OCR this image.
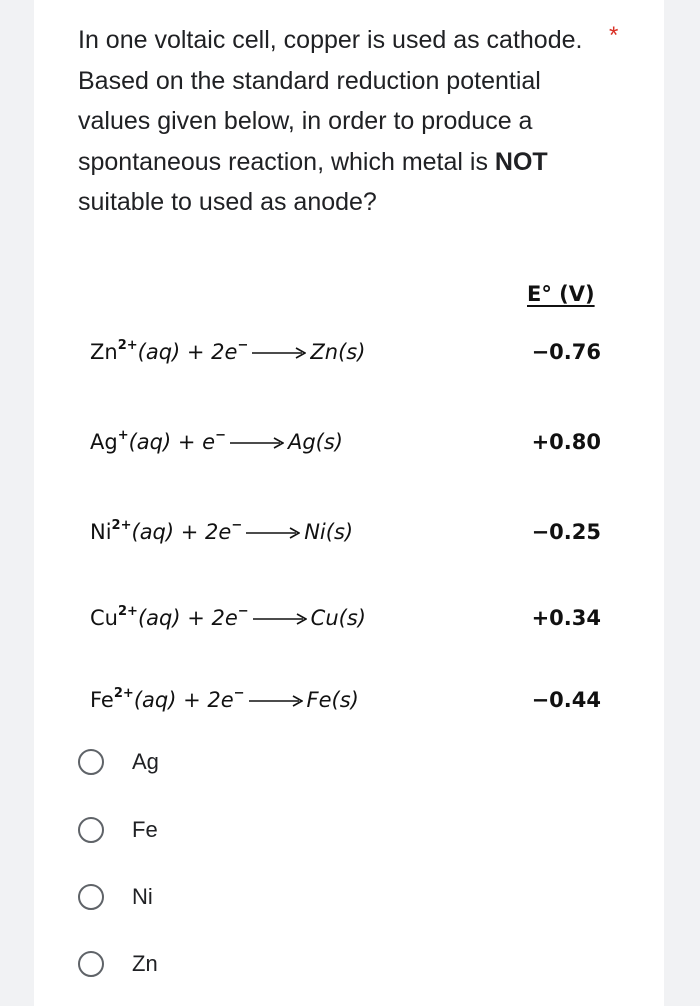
In one voltaic cell, copper is used as cathode. Based on the standard reduction potential values given below, in order to produce a spontaneous reaction, which metal is NOT suitable to used as anode?
*
E° (V)
$Zn^{2+}(aq) + 2e^- \to Zn(s)$	−0.76
Ag+(aq) + e− → Ag(s)	+0.80
$Ni^{2+}(aq) + 2e^- \to Ni(s)$	−0.25
$Cu^{2+}(aq) + 2e^- \to Cu(s)$	+0.34
$Fe^{2+}(aq) + 2e^- \to Fe(s)$	−0.44
Ag
Fe
Ni
Zn
